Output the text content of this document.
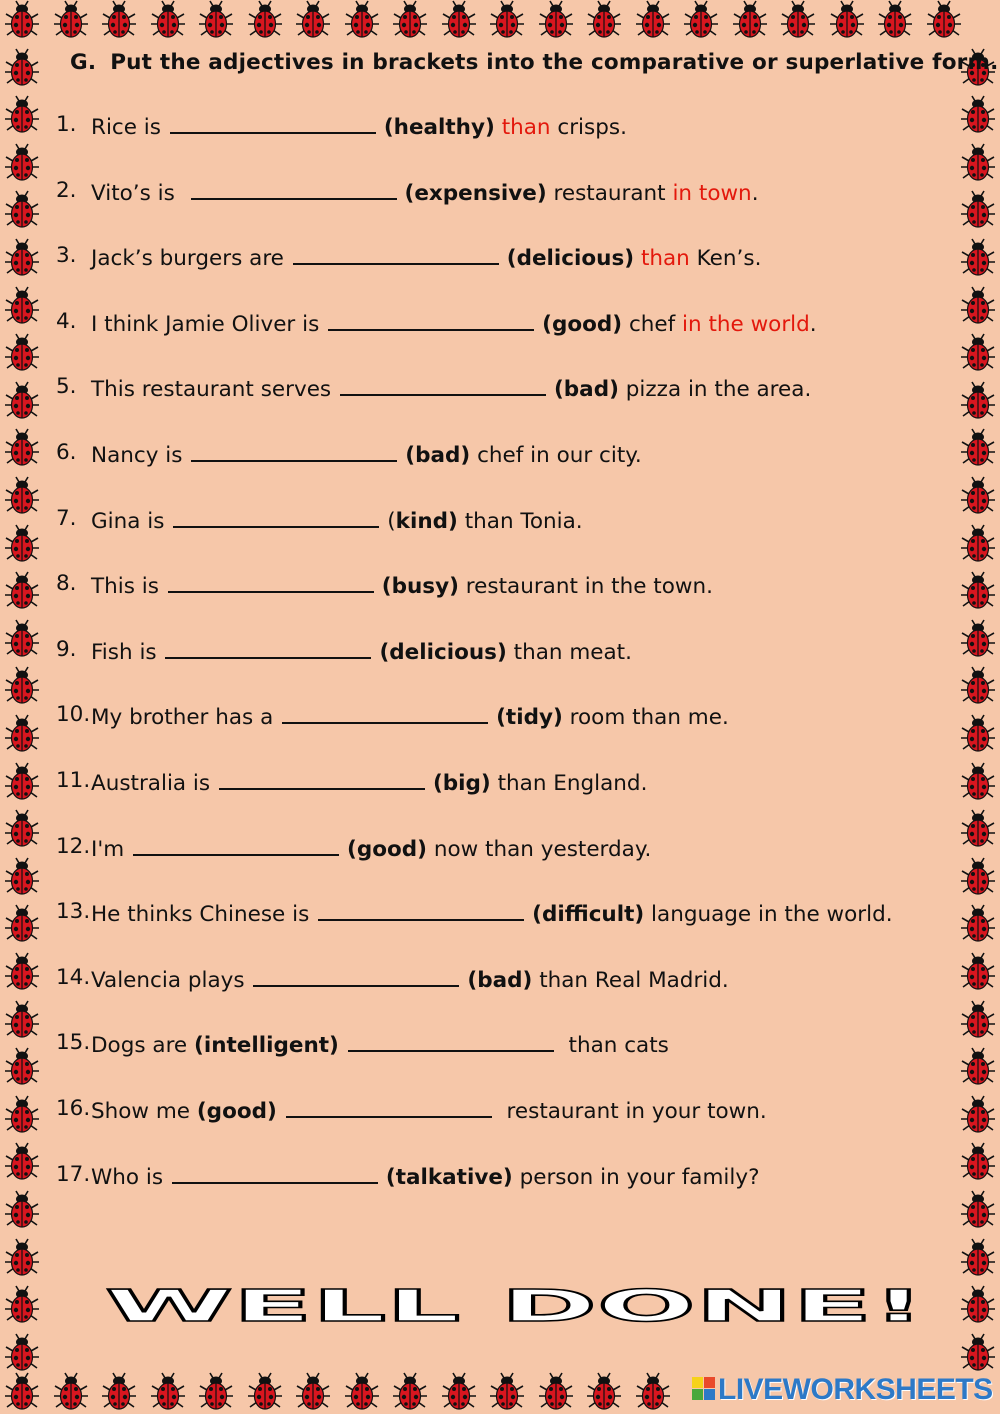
G. Put the adjectives in brackets into the comparative or superlative form.
1. Rice is	(healthy) than crisps.
2. Vito’s is	(expensive) restaurant in town.
3. Jack’s burgers are	(delicious) than Ken’s.
4. I think Jamie Oliver is	(good) chef in the world.
5. This restaurant serves	(bad) pizza in the area.
6. Nancy is	(bad) chef in our city.
7. Gina is	(kind) than Tonia.
8. This is	(busy) restaurant in the town.
9. Fish is	(delicious) than meat.
10. My brother has a	(tidy) room than me.
11. Australia is	(big) than England.
12. I'm	(good) now than yesterday.
13. He thinks Chinese is	(difficult) language in the world.
14. Valencia plays	(bad) than Real Madrid.
15. Dogs are (intelligent)	than cats
16. Show me (good)	restaurant in your town.
17. Who is	(talkative) person in your family?
WELL DONE!
LIVEWORKSHEETS
